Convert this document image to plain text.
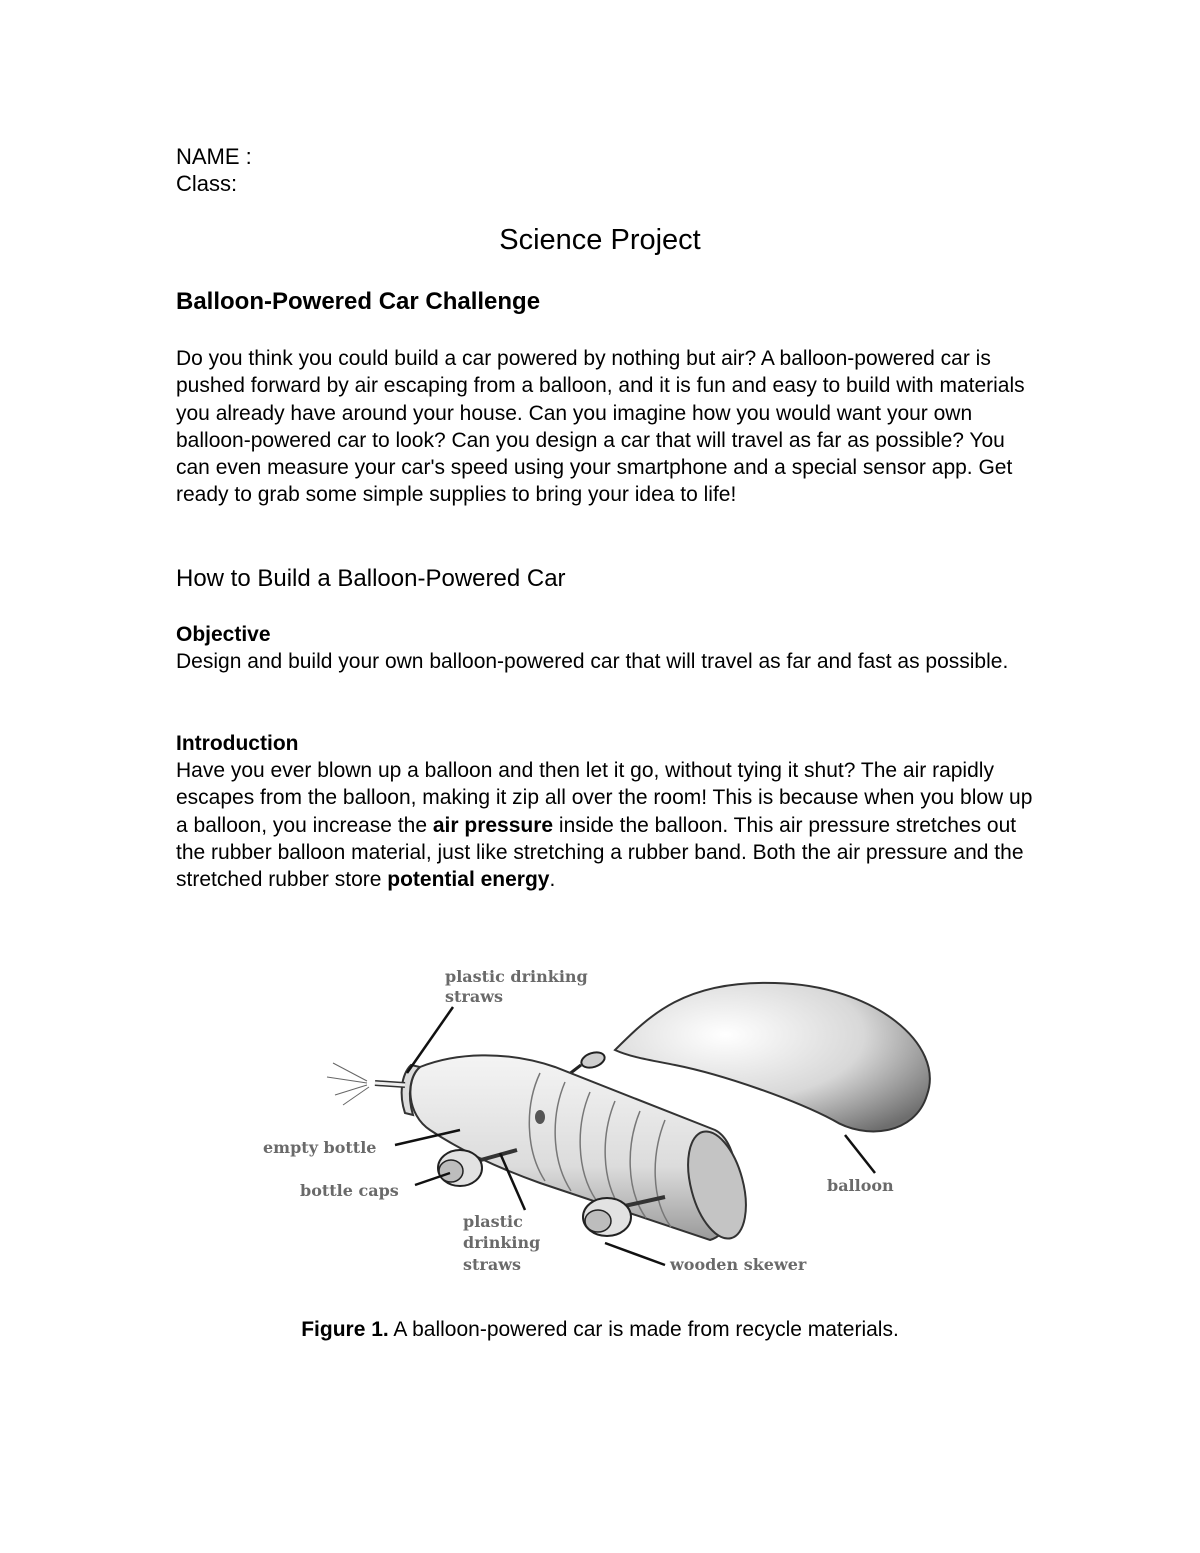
NAME :
Class:
Science Project
Balloon-Powered Car Challenge

Do you think you could build a car powered by nothing but air? A balloon-powered car is pushed forward by air escaping from a balloon, and it is fun and easy to build with materials you already have around your house. Can you imagine how you would want your own balloon-powered car to look? Can you design a car that will travel as far as possible? You can even measure your car's speed using your smartphone and a special sensor app. Get ready to grab some simple supplies to bring your idea to life!

How to Build a Balloon-Powered Car
Objective

Design and build your own balloon-powered car that will travel as far and fast as possible.

Introduction

Have you ever blown up a balloon and then let it go, without tying it shut? The air rapidly escapes from the balloon, making it zip all over the room! This is because when you blow up a balloon, you increase the air pressure inside the balloon. This air pressure stretches out the rubber balloon material, just like stretching a rubber band. Both the air pressure and the stretched rubber store potential energy.

plastic drinking
straws
empty bottle
bottle caps
plastic
drinking
straws	wooden skewer
balloon
Figure 1. A balloon-powered car is made from recycle materials.
